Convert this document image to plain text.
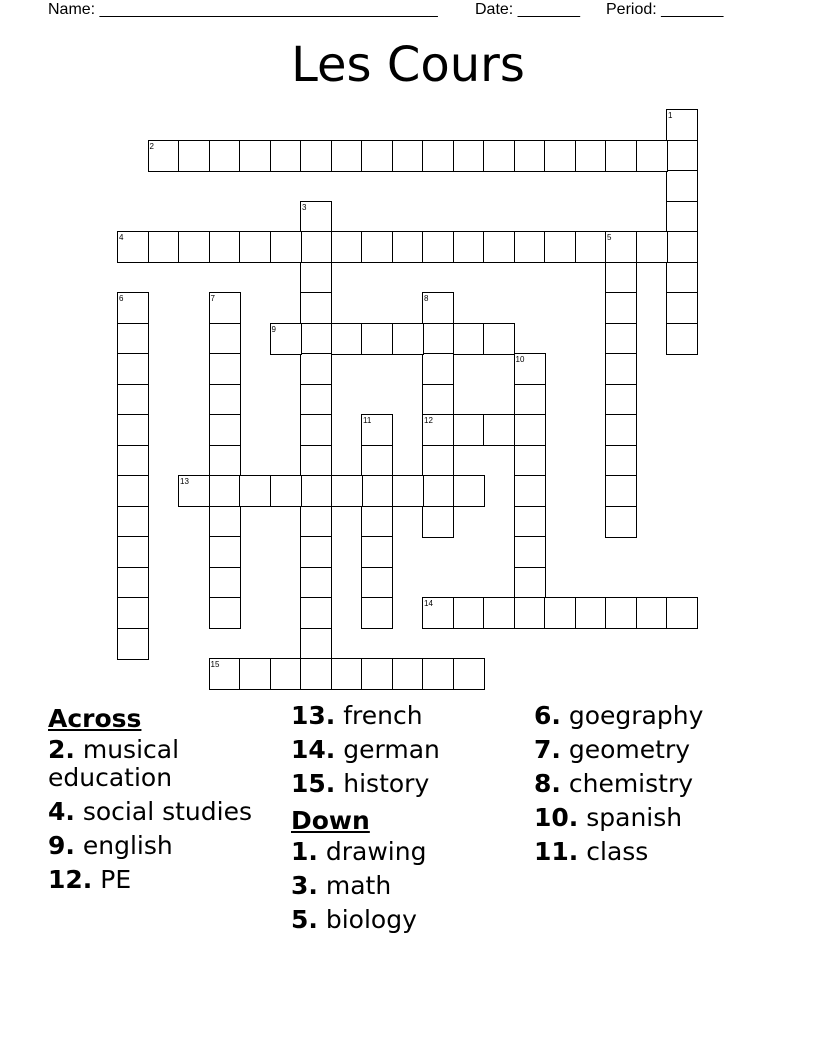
Name: ______________________________________ Date: _______ Period: _______
Les Cours
1
2
3
4	5
6	7	8
9
10
11	12
13
14
15
Across
2. musical education
4. social studies
9. english
12. PE
13. french
14. german
15. history
Down
1. drawing
3. math
5. biology
6. goegraphy
7. geometry
8. chemistry
10. spanish
11. class
